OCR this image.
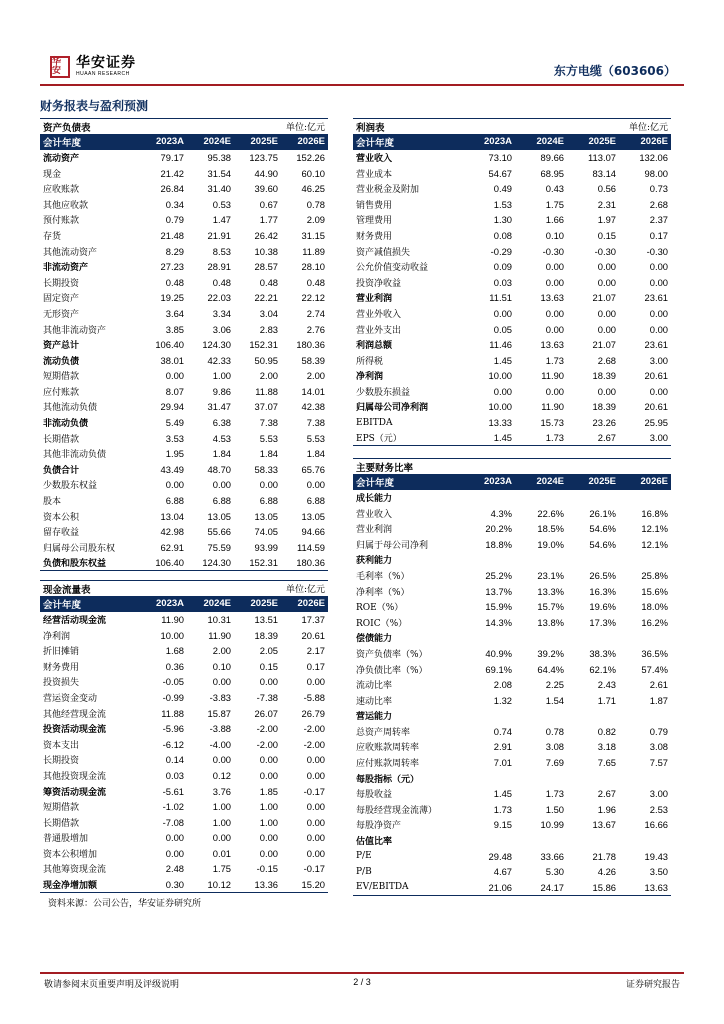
华安	华安证券
HUAAN RESEARCH	东方电缆（603606）
财务报表与盈利预测
资产负债表			单位:亿元	
会计年度	2023A	2024E	2025E	2026E
流动资产	79.17	95.38	123.75	152.26
现金	21.42	31.54	44.90	60.10
应收账款	26.84	31.40	39.60	46.25
其他应收款	0.34	0.53	0.67	0.78
预付账款	0.79	1.47	1.77	2.09
存货	21.48	21.91	26.42	31.15
其他流动资产	8.29	8.53	10.38	11.89
非流动资产	27.23	28.91	28.57	28.10
长期投资	0.48	0.48	0.48	0.48
固定资产	19.25	22.03	22.21	22.12
无形资产	3.64	3.34	3.04	2.74
其他非流动资产	3.85	3.06	2.83	2.76
资产总计	106.40	124.30	152.31	180.36
流动负债	38.01	42.33	50.95	58.39
短期借款	0.00	1.00	2.00	2.00
应付账款	8.07	9.86	11.88	14.01
其他流动负债	29.94	31.47	37.07	42.38
非流动负债	5.49	6.38	7.38	7.38
长期借款	3.53	4.53	5.53	5.53
其他非流动负债	1.95	1.84	1.84	1.84
负债合计	43.49	48.70	58.33	65.76
少数股东权益	0.00	0.00	0.00	0.00
股本	6.88	6.88	6.88	6.88
资本公积	13.04	13.05	13.05	13.05
留存收益	42.98	55.66	74.05	94.66
归属母公司股东权	62.91	75.59	93.99	114.59
负债和股东权益	106.40	124.30	152.31	180.36
现金流量表			单位:亿元	
会计年度	2023A	2024E	2025E	2026E
经营活动现金流	11.90	10.31	13.51	17.37
净利润	10.00	11.90	18.39	20.61
折旧摊销	1.68	2.00	2.05	2.17
财务费用	0.36	0.10	0.15	0.17
投资损失	-0.05	0.00	0.00	0.00
营运资金变动	-0.99	-3.83	-7.38	-5.88
其他经营现金流	11.88	15.87	26.07	26.79
投资活动现金流	-5.96	-3.88	-2.00	-2.00
资本支出	-6.12	-4.00	-2.00	-2.00
长期投资	0.14	0.00	0.00	0.00
其他投资现金流	0.03	0.12	0.00	0.00
筹资活动现金流	-5.61	3.76	1.85	-0.17
短期借款	-1.02	1.00	1.00	0.00
长期借款	-7.08	1.00	1.00	0.00
普通股增加	0.00	0.00	0.00	0.00
资本公积增加	0.00	0.01	0.00	0.00
其他筹资现金流	2.48	1.75	-0.15	-0.17
现金净增加额	0.30	10.12	13.36	15.20
利润表			单位:亿元	
会计年度	2023A	2024E	2025E	2026E
营业收入	73.10	89.66	113.07	132.06
营业成本	54.67	68.95	83.14	98.00
营业税金及附加	0.49	0.43	0.56	0.73
销售费用	1.53	1.75	2.31	2.68
管理费用	1.30	1.66	1.97	2.37
财务费用	0.08	0.10	0.15	0.17
资产减值损失	-0.29	-0.30	-0.30	-0.30
公允价值变动收益	0.09	0.00	0.00	0.00
投资净收益	0.03	0.00	0.00	0.00
营业利润	11.51	13.63	21.07	23.61
营业外收入	0.00	0.00	0.00	0.00
营业外支出	0.05	0.00	0.00	0.00
利润总额	11.46	13.63	21.07	23.61
所得税	1.45	1.73	2.68	3.00
净利润	10.00	11.90	18.39	20.61
少数股东损益	0.00	0.00	0.00	0.00
归属母公司净利润	10.00	11.90	18.39	20.61
EBITDA	13.33	15.73	23.26	25.95
EPS（元）	1.45	1.73	2.67	3.00
主要财务比率				
会计年度	2023A	2024E	2025E	2026E
成长能力				
营业收入	4.3%	22.6%	26.1%	16.8%
营业利润	20.2%	18.5%	54.6%	12.1%
归属于母公司净利	18.8%	19.0%	54.6%	12.1%
获利能力				
毛利率（%）	25.2%	23.1%	26.5%	25.8%
净利率（%）	13.7%	13.3%	16.3%	15.6%
ROE（%）	15.9%	15.7%	19.6%	18.0%
ROIC（%）	14.3%	13.8%	17.3%	16.2%
偿债能力				
资产负债率（%）	40.9%	39.2%	38.3%	36.5%
净负债比率（%）	69.1%	64.4%	62.1%	57.4%
流动比率	2.08	2.25	2.43	2.61
速动比率	1.32	1.54	1.71	1.87
营运能力				
总资产周转率	0.74	0.78	0.82	0.79
应收账款周转率	2.91	3.08	3.18	3.08
应付账款周转率	7.01	7.69	7.65	7.57
每股指标（元）				
每股收益	1.45	1.73	2.67	3.00
每股经营现金流薄）	1.73	1.50	1.96	2.53
每股净资产	9.15	10.99	13.67	16.66
估值比率				
P/E	29.48	33.66	21.78	19.43
P/B	4.67	5.30	4.26	3.50
EV/EBITDA	21.06	24.17	15.86	13.63
资料来源：公司公告，华安证券研究所
敬请参阅末页重要声明及评级说明	2 / 3	证券研究报告
